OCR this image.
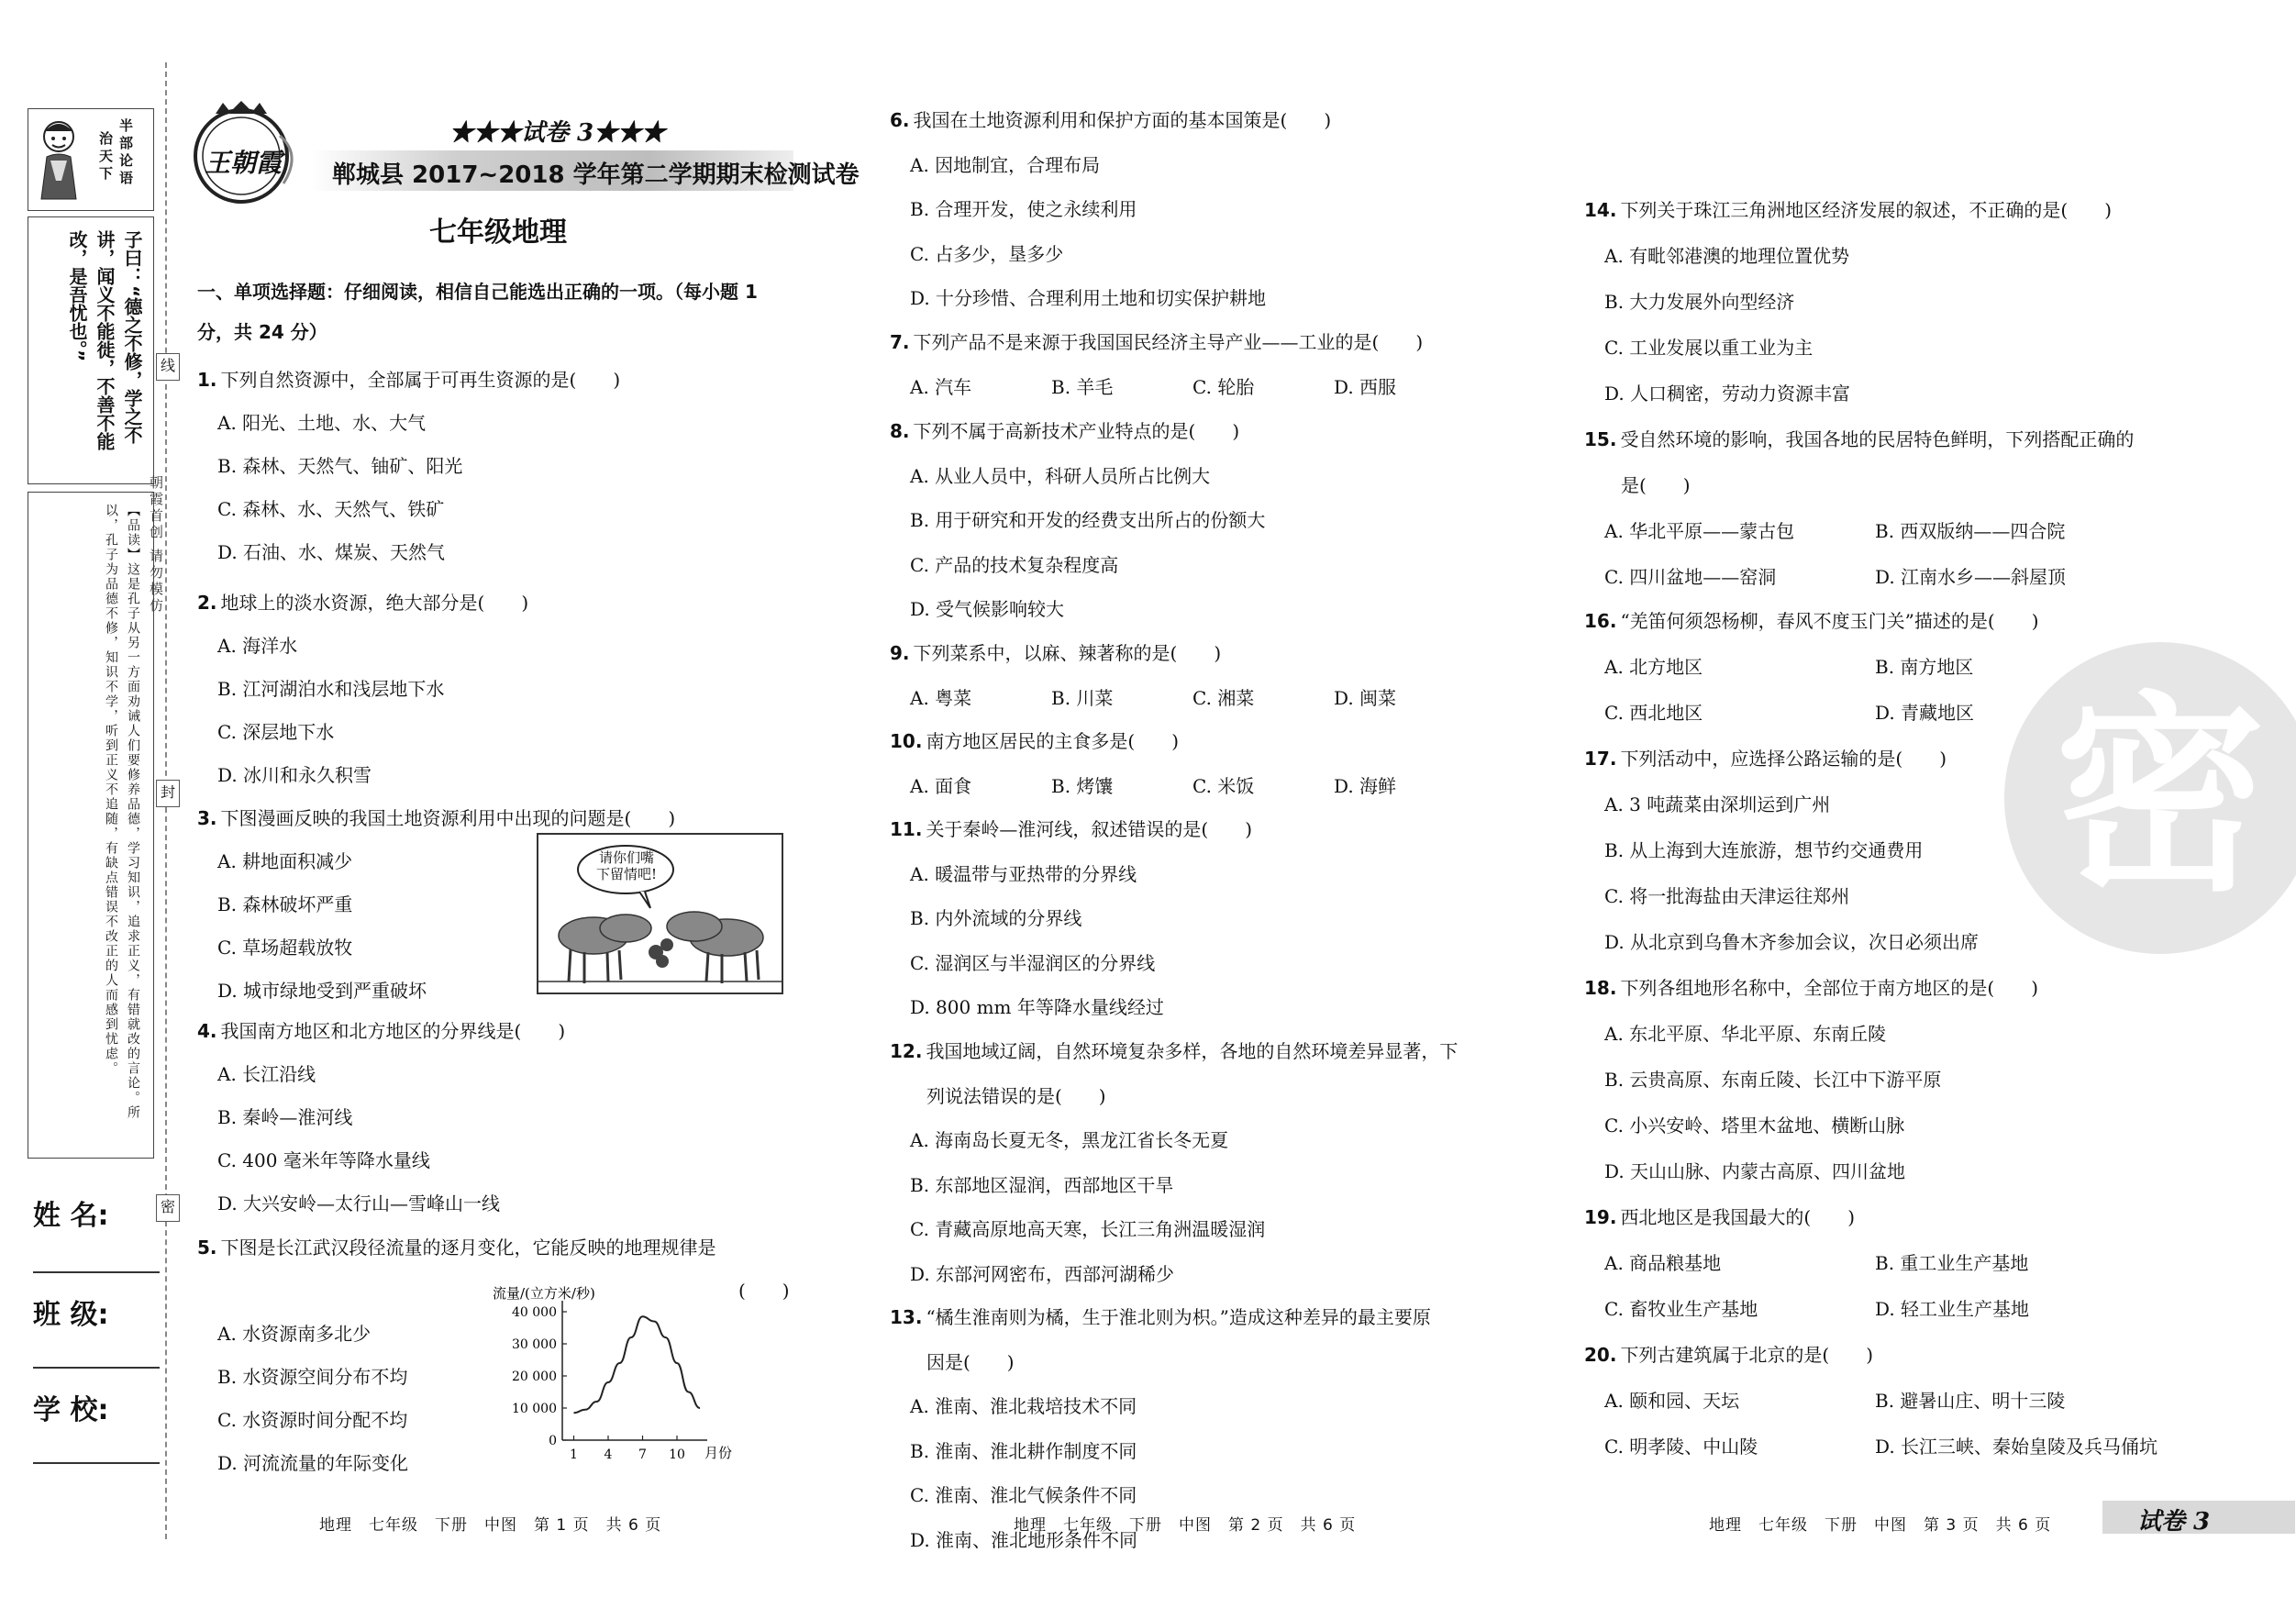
半部论语
治天下
子曰：“德之不修，学之不讲，闻义不能徙，不善不能改，是吾忧也。”
【品读】这是孔子从另一方面劝诫人们要修养品德，学习知识，追求正义，有错就改的言论。所以，孔子为品德不修，知识不学，听到正义不追随，有缺点错误不改正的人而感到忧虑。
线
封
密
朝霞首创 请勿模仿
姓 名:
班 级:
学 校:
王朝霞
★★★试卷 3★★★
郸城县 2017~2018 学年第二学期期末检测试卷
七年级地理
一、单项选择题：仔细阅读，相信自己能选出正确的一项。（每小题 1
分，共 24 分）
1. 下列自然资源中，全部属于可再生资源的是(　　)
A. 阳光、土地、水、大气
B. 森林、天然气、铀矿、阳光
C. 森林、水、天然气、铁矿
D. 石油、水、煤炭、天然气
2. 地球上的淡水资源，绝大部分是(　　)
A. 海洋水
B. 江河湖泊水和浅层地下水
C. 深层地下水
D. 冰川和永久积雪
3. 下图漫画反映的我国土地资源利用中出现的问题是(　　)
A. 耕地面积减少
B. 森林破坏严重
C. 草场超载放牧
D. 城市绿地受到严重破坏
4. 我国南方地区和北方地区的分界线是(　　)
A. 长江沿线
B. 秦岭—淮河线
C. 400 毫米年等降水量线
D. 大兴安岭—太行山—雪峰山一线
5. 下图是长江武汉段径流量的逐月变化，它能反映的地理规律是
(　　)
A. 水资源南多北少
B. 水资源空间分布不均
C. 水资源时间分配不均
D. 河流流量的年际变化
6. 我国在土地资源利用和保护方面的基本国策是(　　)
A. 因地制宜，合理布局
B. 合理开发，使之永续利用
C. 占多少，垦多少
D. 十分珍惜、合理利用土地和切实保护耕地
7. 下列产品不是来源于我国国民经济主导产业——工业的是(　　)
A. 汽车	B. 羊毛	C. 轮胎	D. 西服
8. 下列不属于高新技术产业特点的是(　　)
A. 从业人员中，科研人员所占比例大
B. 用于研究和开发的经费支出所占的份额大
C. 产品的技术复杂程度高
D. 受气候影响较大
9. 下列菜系中，以麻、辣著称的是(　　)
A. 粤菜	B. 川菜	C. 湘菜	D. 闽菜
10. 南方地区居民的主食多是(　　)
A. 面食	B. 烤馕	C. 米饭	D. 海鲜
11. 关于秦岭—淮河线，叙述错误的是(　　)
A. 暖温带与亚热带的分界线
B. 内外流域的分界线
C. 湿润区与半湿润区的分界线
D. 800 mm 年等降水量线经过
12. 我国地域辽阔，自然环境复杂多样，各地的自然环境差异显著，下
列说法错误的是(　　)
A. 海南岛长夏无冬，黑龙江省长冬无夏
B. 东部地区湿润，西部地区干旱
C. 青藏高原地高天寒，长江三角洲温暖湿润
D. 东部河网密布，西部河湖稀少
13. “橘生淮南则为橘，生于淮北则为枳。”造成这种差异的最主要原
因是(　　)
A. 淮南、淮北栽培技术不同
B. 淮南、淮北耕作制度不同
C. 淮南、淮北气候条件不同
D. 淮南、淮北地形条件不同
14. 下列关于珠江三角洲地区经济发展的叙述，不正确的是(　　)
A. 有毗邻港澳的地理位置优势
B. 大力发展外向型经济
C. 工业发展以重工业为主
D. 人口稠密，劳动力资源丰富
15. 受自然环境的影响，我国各地的民居特色鲜明，下列搭配正确的
是(　　)
A. 华北平原——蒙古包	B. 西双版纳——四合院
C. 四川盆地——窑洞	D. 江南水乡——斜屋顶
16. “羌笛何须怨杨柳，春风不度玉门关”描述的是(　　)
A. 北方地区	B. 南方地区
C. 西北地区	D. 青藏地区
17. 下列活动中，应选择公路运输的是(　　)
A. 3 吨蔬菜由深圳运到广州
B. 从上海到大连旅游，想节约交通费用
C. 将一批海盐由天津运往郑州
D. 从北京到乌鲁木齐参加会议，次日必须出席
18. 下列各组地形名称中，全部位于南方地区的是(　　)
A. 东北平原、华北平原、东南丘陵
B. 云贵高原、东南丘陵、长江中下游平原
C. 小兴安岭、塔里木盆地、横断山脉
D. 天山山脉、内蒙古高原、四川盆地
19. 西北地区是我国最大的(　　)
A. 商品粮基地	B. 重工业生产基地
C. 畜牧业生产基地	D. 轻工业生产基地
20. 下列古建筑属于北京的是(　　)
A. 颐和园、天坛	B. 避暑山庄、明十三陵
C. 明孝陵、中山陵	D. 长江三峡、秦始皇陵及兵马俑坑
请你们嘴
下留情吧!
流量/(立方米/秒)
0
10 000
20 000
30 000
40 000
1 4 7 10 月份
密
地理　七年级　下册　中图　第 1 页　共 6 页	地理　七年级　下册　中图　第 2 页　共 6 页	地理　七年级　下册　中图　第 3 页　共 6 页	试卷 3
